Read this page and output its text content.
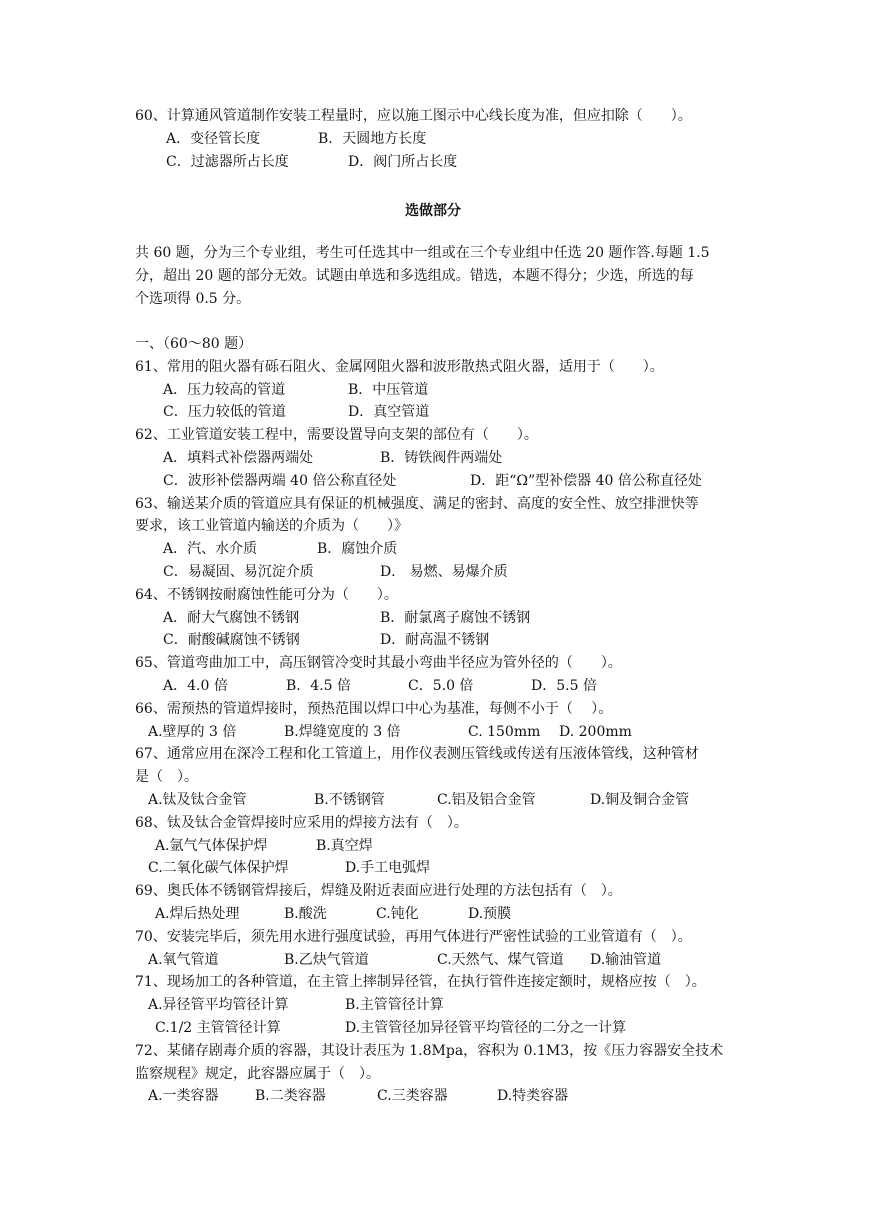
60、计算通风管道制作安装工程量时，应以施工图示中心线长度为准，但应扣除（　　）。
A．变径管长度	B．天圆地方长度
C．过滤器所占长度	D．阀门所占长度
选做部分
共 60 题，分为三个专业组，考生可任选其中一组或在三个专业组中任选 20 题作答.每题 1.5
分，超出 20 题的部分无效。试题由单选和多选组成。错选，本题不得分；少选，所选的每
个选项得 0.5 分。
一、（60～80 题）
61、常用的阻火器有砾石阻火、金属网阻火器和波形散热式阻火器，适用于（　　）。
A．压力较高的管道	B．中压管道
C．压力较低的管道	D．真空管道
62、工业管道安装工程中，需要设置导向支架的部位有（　　）。
A．填料式补偿器两端处	B．铸铁阀件两端处
C．波形补偿器两端 40 倍公称直径处	D．距“Ω”型补偿器 40 倍公称直径处
63、输送某介质的管道应具有保证的机械强度、满足的密封、高度的安全性、放空排泄快等
要求，该工业管道内输送的介质为（　　）》
A．汽、水介质	B．腐蚀介质
C．易凝固、易沉淀介质	D． 易燃、易爆介质
64、不锈钢按耐腐蚀性能可分为（　　）。
A．耐大气腐蚀不锈钢	B．耐氯离子腐蚀不锈钢
C．耐酸碱腐蚀不锈钢	D．耐高温不锈钢
65、管道弯曲加工中，高压钢管冷变时其最小弯曲半径应为管外径的（　　）。
A．4.0 倍	B．4.5 倍	C．5.0 倍	D．5.5 倍
66、需预热的管道焊接时，预热范围以焊口中心为基准，每侧不小于（　 ）。
A.壁厚的 3 倍	B.焊缝宽度的 3 倍	C. 150mm D. 200mm
67、通常应用在深冷工程和化工管道上，用作仪表测压管线或传送有压液体管线，这种管材
是（　）。
A.钛及钛合金管	B.不锈钢管	C.铝及铝合金管	D.铜及铜合金管
68、钛及钛合金管焊接时应采用的焊接方法有（　）。
A.氩气气体保护焊	B.真空焊
C.二氧化碳气体保护焊	D.手工电弧焊
69、奥氏体不锈钢管焊接后，焊缝及附近表面应进行处理的方法包括有（　）。
A.焊后热处理	B.酸洗	C.钝化	D.预膜
70、安装完毕后，须先用水进行强度试验，再用气体进行严密性试验的工业管道有（　）。
A.氧气管道	B.乙炔气管道	C.天然气、煤气管道 D.输油管道
71、现场加工的各种管道，在主管上摔制异径管，在执行管件连接定额时，规格应按（　）。
A.异径管平均管径计算	B.主管管径计算
C.1/2 主管管径计算	D.主管管径加异径管平均管径的二分之一计算
72、某储存剧毒介质的容器，其设计表压为 1.8Mpa，容积为 0.1M3，按《压力容器安全技术
监察规程》规定，此容器应属于（　）。
A.一类容器	B.二类容器	C.三类容器	D.特类容器
